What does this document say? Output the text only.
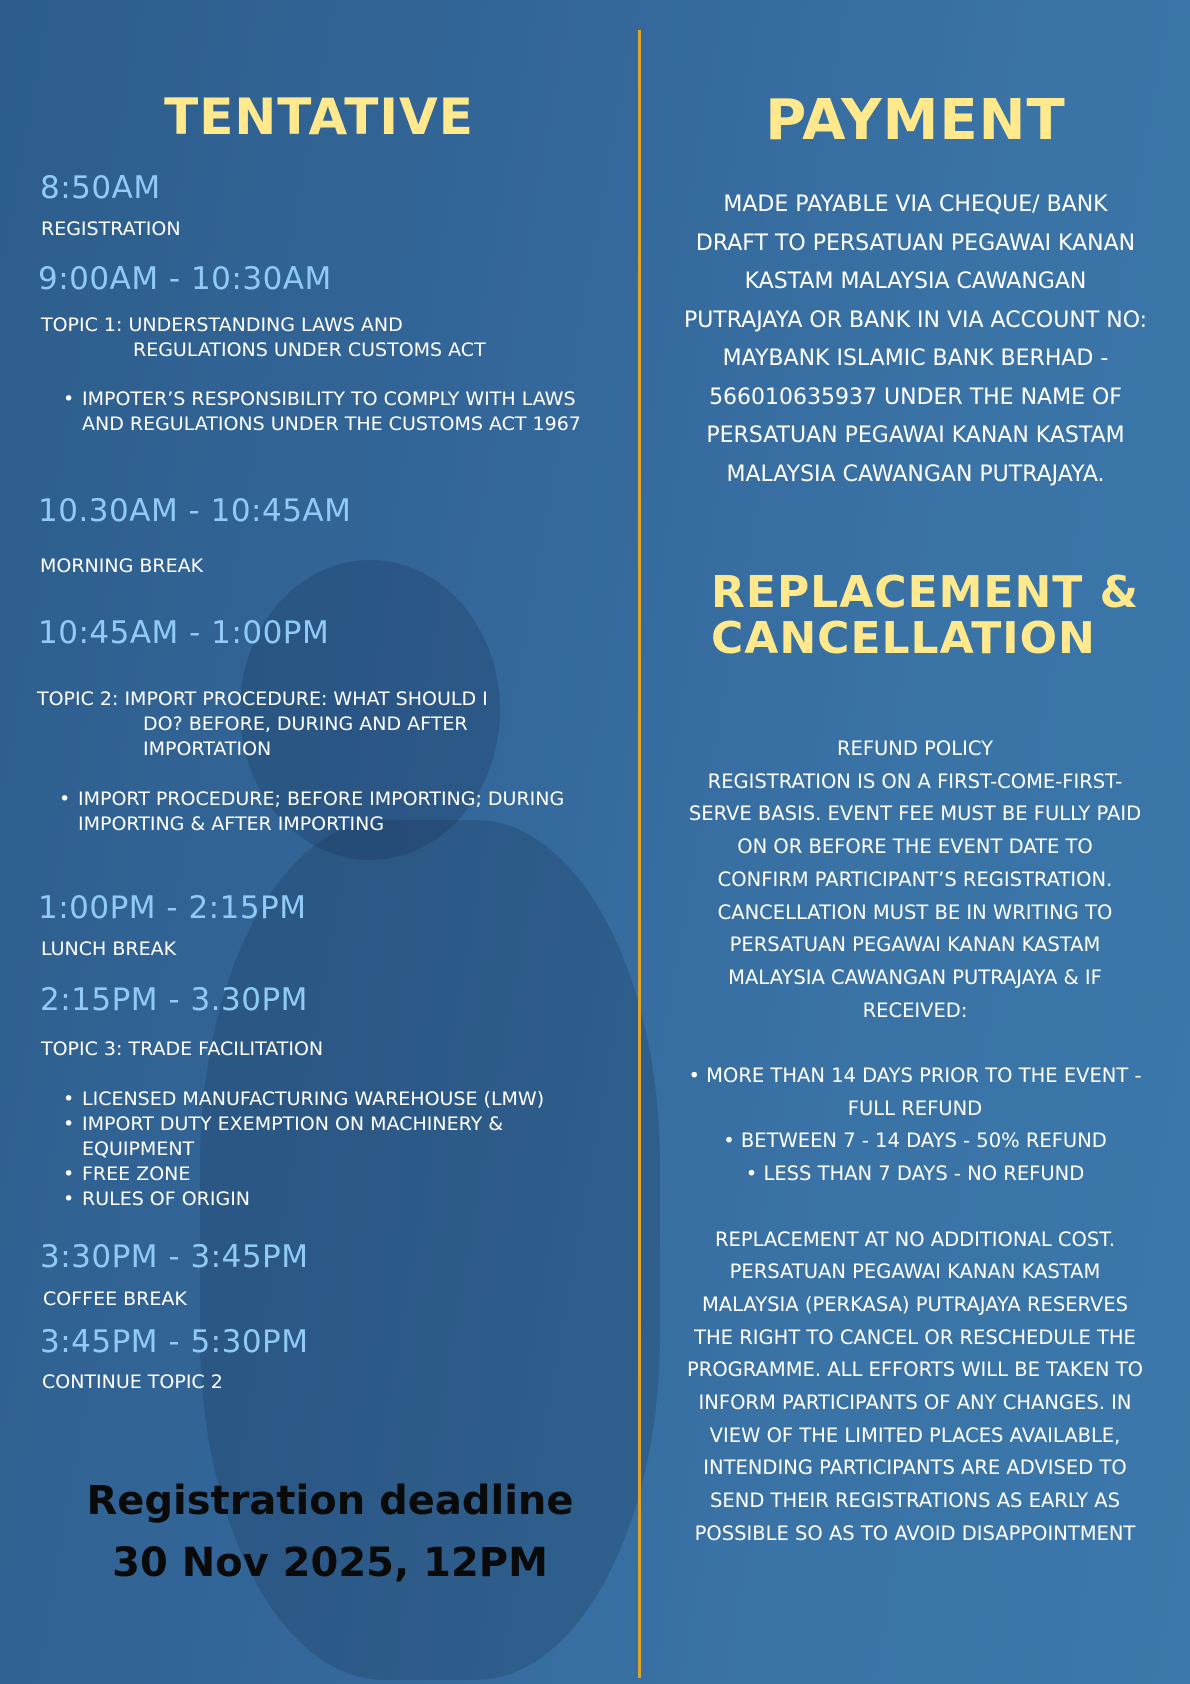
TENTATIVE
8:50AM
REGISTRATION
9:00AM - 10:30AM
TOPIC 1: UNDERSTANDING LAWS AND
REGULATIONS UNDER CUSTOMS ACT
• IMPOTER’S RESPONSIBILITY TO COMPLY WITH LAWS AND REGULATIONS UNDER THE CUSTOMS ACT 1967
10.30AM - 10:45AM
MORNING BREAK
10:45AM - 1:00PM
TOPIC 2: IMPORT PROCEDURE: WHAT SHOULD I
DO? BEFORE, DURING AND AFTER
IMPORTATION
• IMPORT PROCEDURE; BEFORE IMPORTING; DURING IMPORTING & AFTER IMPORTING
1:00PM - 2:15PM
LUNCH BREAK
2:15PM - 3.30PM
TOPIC 3: TRADE FACILITATION
• LICENSED MANUFACTURING WAREHOUSE (LMW)
• IMPORT DUTY EXEMPTION ON MACHINERY & EQUIPMENT
• FREE ZONE
• RULES OF ORIGIN
3:30PM - 3:45PM
COFFEE BREAK
3:45PM - 5:30PM
CONTINUE TOPIC 2
Registration deadline
30 Nov 2025, 12PM
PAYMENT
MADE PAYABLE VIA CHEQUE/ BANK
DRAFT TO PERSATUAN PEGAWAI KANAN
KASTAM MALAYSIA CAWANGAN
PUTRAJAYA OR BANK IN VIA ACCOUNT NO:
MAYBANK ISLAMIC BANK BERHAD -
566010635937 UNDER THE NAME OF
PERSATUAN PEGAWAI KANAN KASTAM
MALAYSIA CAWANGAN PUTRAJAYA.
REPLACEMENT &
CANCELLATION

REFUND POLICY

REGISTRATION IS ON A FIRST-COME-FIRST-

SERVE BASIS. EVENT FEE MUST BE FULLY PAID

ON OR BEFORE THE EVENT DATE TO

CONFIRM PARTICIPANT’S REGISTRATION.

CANCELLATION MUST BE IN WRITING TO

PERSATUAN PEGAWAI KANAN KASTAM

MALAYSIA CAWANGAN PUTRAJAYA & IF

RECEIVED:

• MORE THAN 14 DAYS PRIOR TO THE EVENT -

FULL REFUND

• BETWEEN 7 - 14 DAYS - 50% REFUND

• LESS THAN 7 DAYS - NO REFUND

REPLACEMENT AT NO ADDITIONAL COST.

PERSATUAN PEGAWAI KANAN KASTAM

MALAYSIA (PERKASA) PUTRAJAYA RESERVES

THE RIGHT TO CANCEL OR RESCHEDULE THE

PROGRAMME. ALL EFFORTS WILL BE TAKEN TO

INFORM PARTICIPANTS OF ANY CHANGES. IN

VIEW OF THE LIMITED PLACES AVAILABLE,

INTENDING PARTICIPANTS ARE ADVISED TO

SEND THEIR REGISTRATIONS AS EARLY AS

POSSIBLE SO AS TO AVOID DISAPPOINTMENT
